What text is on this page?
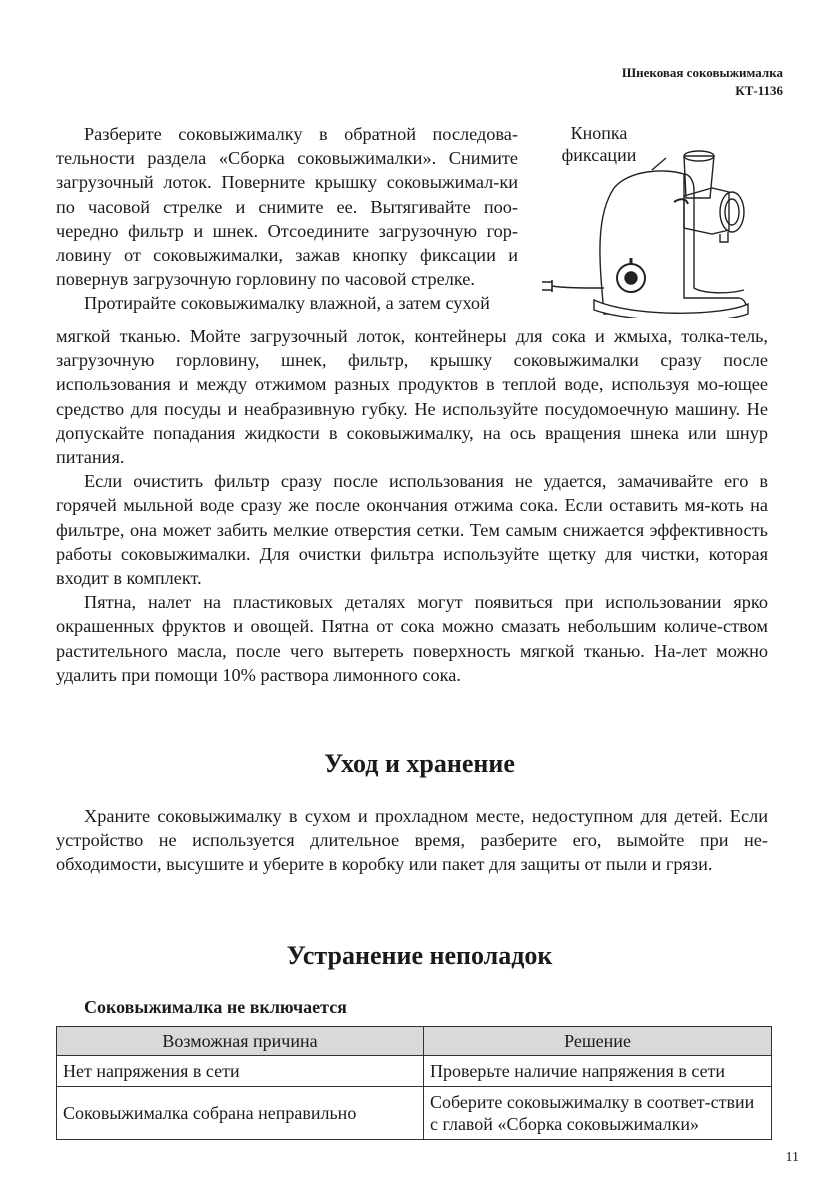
Шнековая соковыжималка
КТ-1136

Разберите соковыжималку в обратной последова-тельности раздела «Сборка соковыжималки». Снимите загрузочный лоток. Поверните крышку соковыжимал-ки по часовой стрелке и снимите ее. Вытягивайте поо-чередно фильтр и шнек. Отсоедините загрузочную гор-ловину от соковыжималки, зажав кнопку фиксации и повернув загрузочную горловину по часовой стрелке.

Протирайте соковыжималку влажной, а затем сухой

Кнопка
фиксации

мягкой тканью. Мойте загрузочный лоток, контейнеры для сока и жмыха, толка-тель, загрузочную горловину, шнек, фильтр, крышку соковыжималки сразу после использования и между отжимом разных продуктов в теплой воде, используя мо-ющее средство для посуды и неабразивную губку. Не используйте посудомоечную машину. Не допускайте попадания жидкости в соковыжималку, на ось вращения шнека или шнур питания.

Если очистить фильтр сразу после использования не удается, замачивайте его в горячей мыльной воде сразу же после окончания отжима сока. Если оставить мя-коть на фильтре, она может забить мелкие отверстия сетки. Тем самым снижается эффективность работы соковыжималки. Для очистки фильтра используйте щетку для чистки, которая входит в комплект.

Пятна, налет на пластиковых деталях могут появиться при использовании ярко окрашенных фруктов и овощей. Пятна от сока можно смазать небольшим количе-ством растительного масла, после чего вытереть поверхность мягкой тканью. На-лет можно удалить при помощи 10% раствора лимонного сока.

Уход и хранение

Храните соковыжималку в сухом и прохладном месте, недоступном для детей. Если устройство не используется длительное время, разберите его, вымойте при не-обходимости, высушите и уберите в коробку или пакет для защиты от пыли и грязи.

Устранение неполадок
Соковыжималка не включается
Возможная причина	Решение
Нет напряжения в сети	Проверьте наличие напряжения в сети
Соковыжималка собрана неправильно	Соберите соковыжималку в соответ-ствии с главой «Сборка соковыжималки»
11
